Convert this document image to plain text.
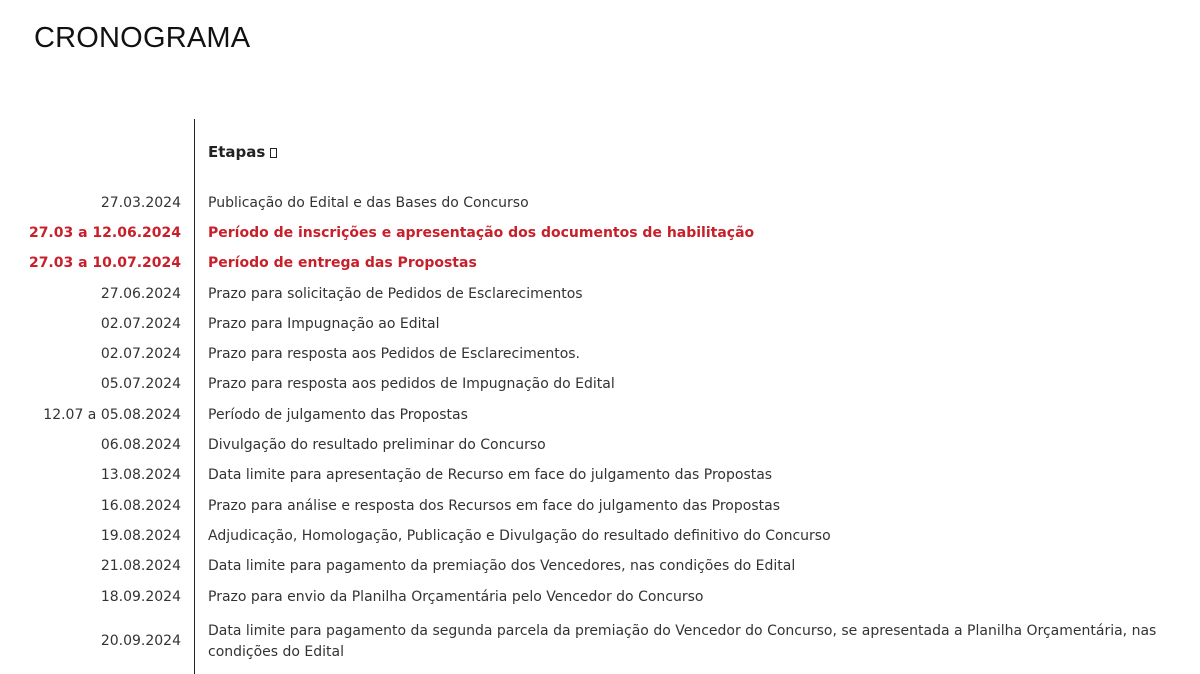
CRONOGRAMA
Etapas
27.03.2024 Publicação do Edital e das Bases do Concurso
27.03 a 12.06.2024 Período de inscrições e apresentação dos documentos de habilitação
27.03 a 10.07.2024 Período de entrega das Propostas
27.06.2024 Prazo para solicitação de Pedidos de Esclarecimentos
02.07.2024 Prazo para Impugnação ao Edital
02.07.2024 Prazo para resposta aos Pedidos de Esclarecimentos.
05.07.2024 Prazo para resposta aos pedidos de Impugnação do Edital
12.07 a 05.08.2024 Período de julgamento das Propostas
06.08.2024 Divulgação do resultado preliminar do Concurso
13.08.2024 Data limite para apresentação de Recurso em face do julgamento das Propostas
16.08.2024 Prazo para análise e resposta dos Recursos em face do julgamento das Propostas
19.08.2024 Adjudicação, Homologação, Publicação e Divulgação do resultado definitivo do Concurso
21.08.2024 Data limite para pagamento da premiação dos Vencedores, nas condições do Edital
18.09.2024 Prazo para envio da Planilha Orçamentária pelo Vencedor do Concurso
20.09.2024
Data limite para pagamento da segunda parcela da premiação do Vencedor do Concurso, se apresentada a Planilha Orçamentária, nas condições do Edital
